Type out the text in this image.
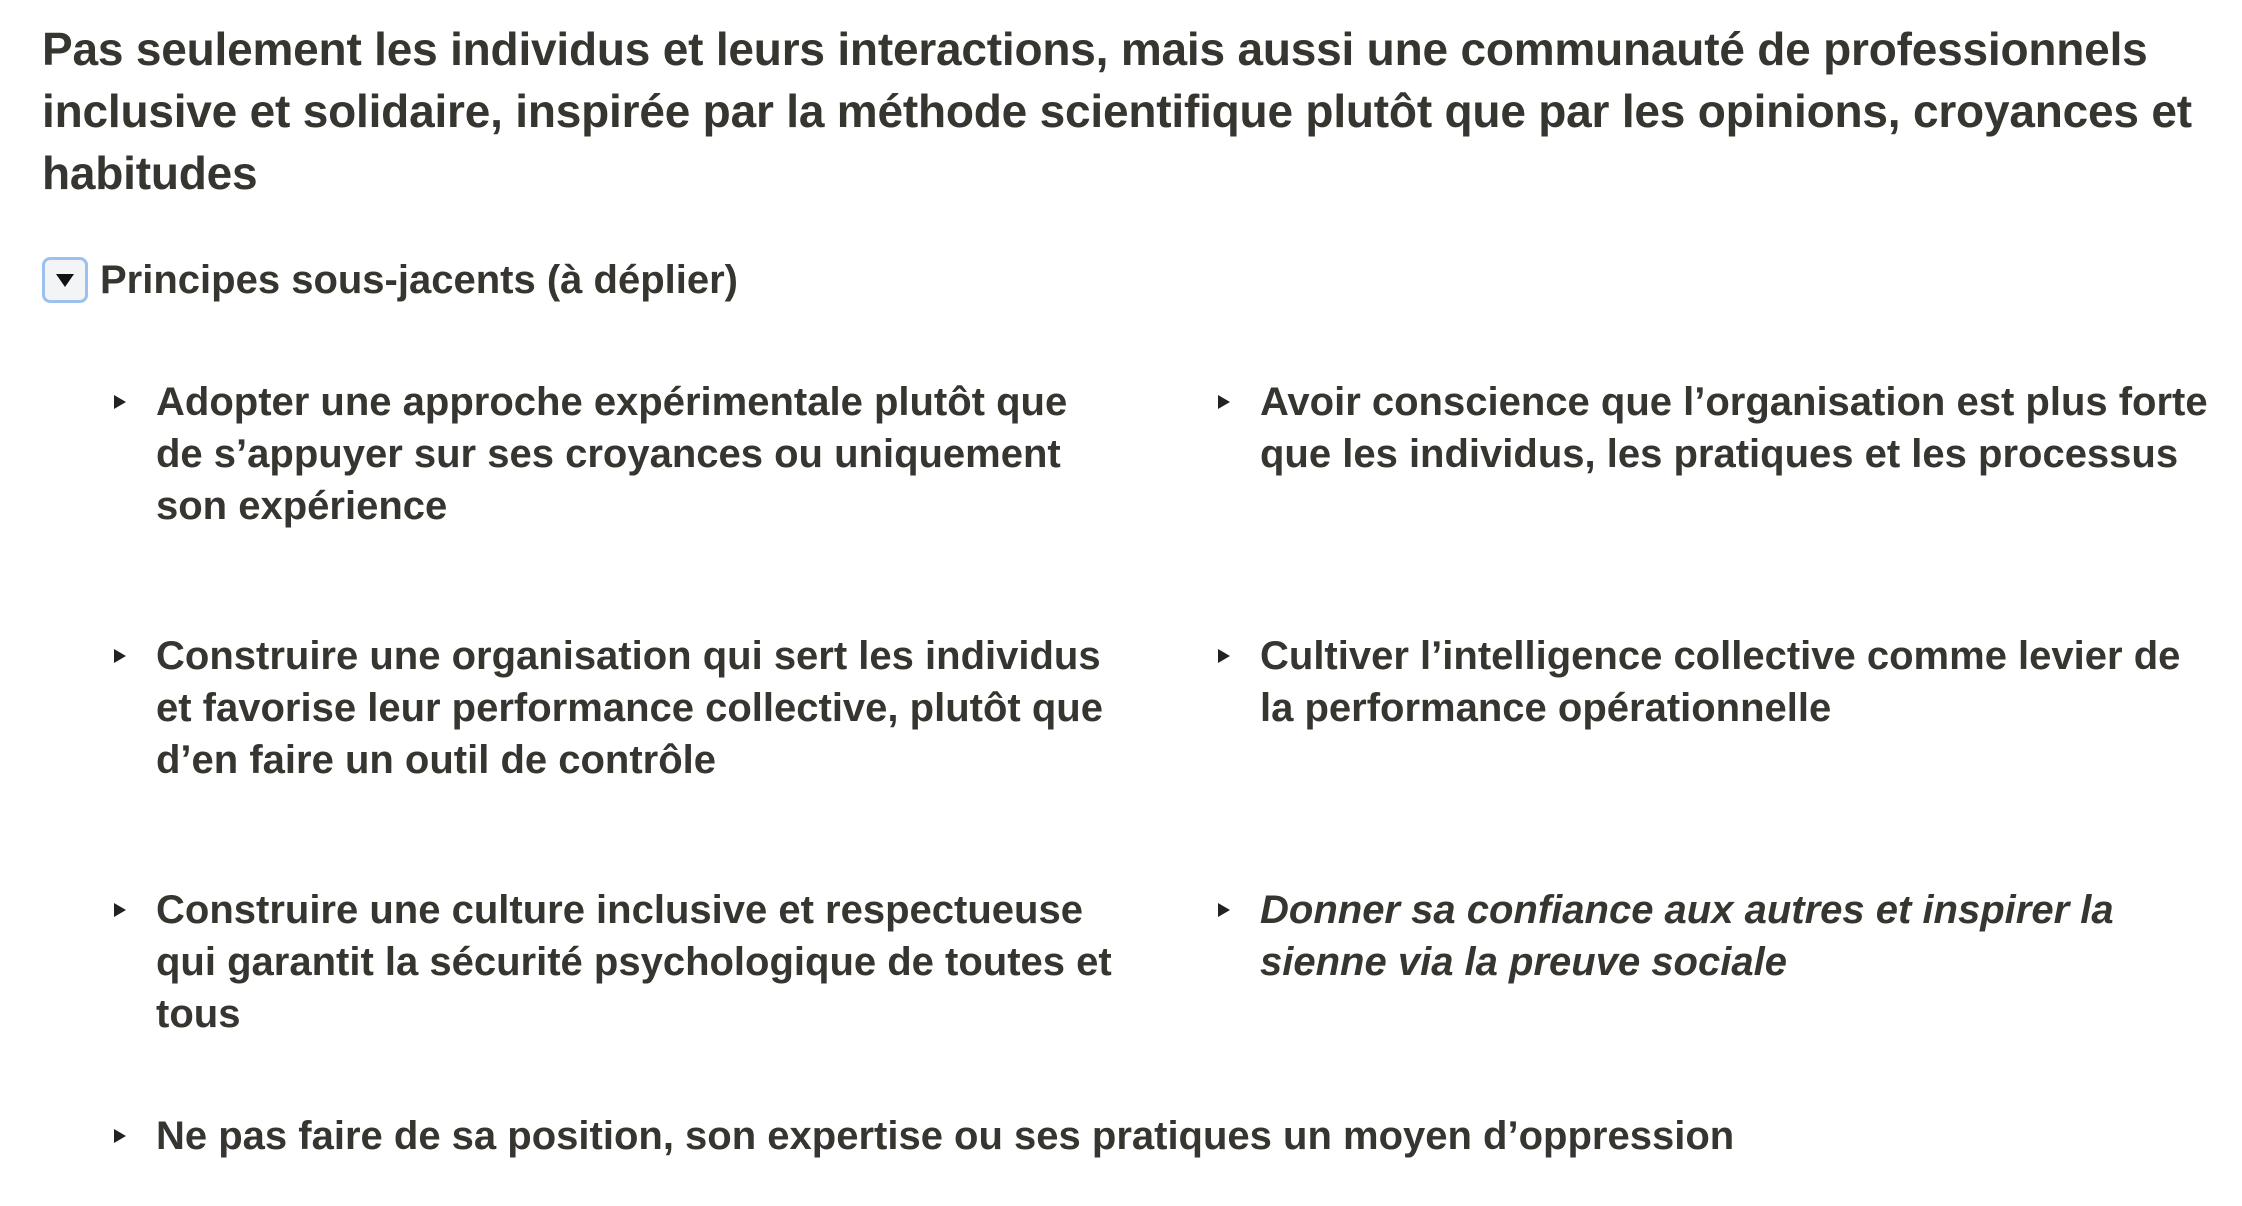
Pas seulement les individus et leurs interactions, mais aussi une communauté de professionnels inclusive et solidaire, inspirée par la méthode scientifique plutôt que par les opinions, croyances et habitudes
Principes sous-jacents (à déplier)
Adopter une approche expérimentale plutôt que de s’appuyer sur ses croyances ou uniquement son expérience
Avoir conscience que l’organisation est plus forte que les individus, les pratiques et les processus
Construire une organisation qui sert les individus et favorise leur performance collective, plutôt que d’en faire un outil de contrôle
Cultiver l’intelligence collective comme levier de la performance opérationnelle
Construire une culture inclusive et respectueuse qui garantit la sécurité psychologique de toutes et tous
Donner sa confiance aux autres et inspirer la sienne via la preuve sociale
Ne pas faire de sa position, son expertise ou ses pratiques un moyen d’oppression
